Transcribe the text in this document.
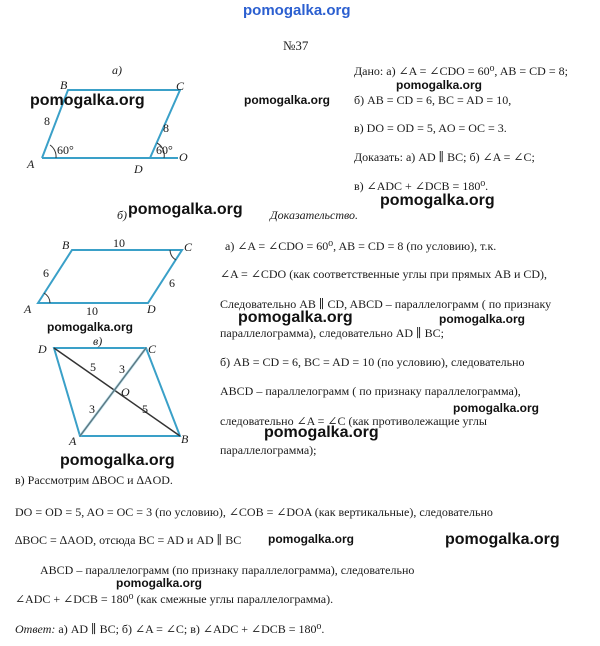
pomogalka.org
№37
а)
B	C
A	D
O
8	8
60°	60°
б)
B	C
A	D
10
10
6
6
в)
D	C
A	B
O
5 3
3	5
Дано: а) ∠A = ∠CDO = 60⁰, AB = CD = 8;
б) AB = CD = 6, BC = AD = 10,
в) DO = OD = 5, AO = OC = 3.
Доказать: а) AD ∥ BC; б) ∠A = ∠C;
в) ∠ADC + ∠DCB = 180⁰.
Доказательство.
а) ∠A = ∠CDO = 60⁰, AB = CD = 8 (по условию), т.к.
∠A = ∠CDO (как соответственные углы при прямых AB и CD),
Следовательно AB ∥ CD, ABCD – параллелограмм ( по признаку
параллелограмма), следовательно AD ∥ BC;
б) AB = CD = 6, BC = AD = 10 (по условию), следовательно
ABCD – параллелограмм ( по признаку параллелограмма),
следовательно ∠A = ∠C (как противолежащие углы
параллелограмма);
в) Рассмотрим ∆BOC и ∆AOD.
DO = OD = 5, AO = OC = 3 (по условию), ∠COB = ∠DOA (как вертикальные), следовательно
∆BOC = ∆AOD, отсюда BC = AD и AD ∥ BC
ABCD – параллелограмм (по признаку параллелограмма), следовательно
∠ADC + ∠DCB = 180⁰ (как смежные углы параллелограмма).
Ответ: а) AD ∥ BC; б) ∠A = ∠C; в) ∠ADC + ∠DCB = 180⁰.
pomogalka.org	pomogalka.org
pomogalka.org
pomogalka.org
pomogalka.org
pomogalka.org
pomogalka.org	pomogalka.org
pomogalka.org
pomogalka.org
pomogalka.org
pomogalka.org	pomogalka.org
pomogalka.org
